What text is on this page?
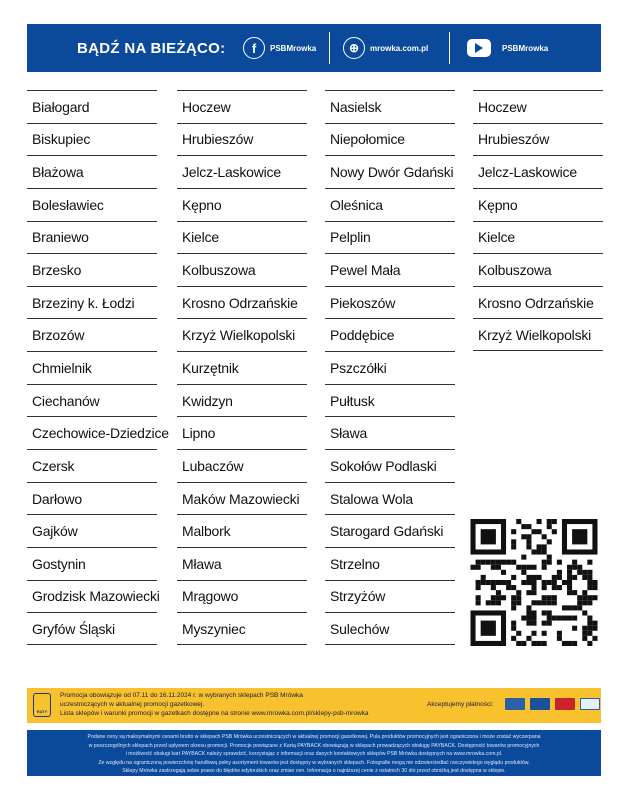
BĄDŹ NA BIEŻĄCO:	f	PSBMrowka	⊕	mrowka.com.pl	PSBMrowka
Białogard
Biskupiec
Błażowa
Bolesławiec
Braniewo
Brzesko
Brzeziny k. Łodzi
Brzozów
Chmielnik
Ciechanów
Czechowice-Dziedzice
Czersk
Darłowo
Gajków
Gostynin
Grodzisk Mazowiecki
Gryfów Śląski
Hoczew
Hrubieszów
Jelcz-Laskowice
Kępno
Kielce
Kolbuszowa
Krosno Odrzańskie
Krzyż Wielkopolski
Kurzętnik
Kwidzyn
Lipno
Lubaczów
Maków Mazowiecki
Malbork
Mława
Mrągowo
Myszyniec
Nasielsk
Niepołomice
Nowy Dwór Gdański
Oleśnica
Pelplin
Pewel Mała
Piekoszów
Poddębice
Pszczółki
Pułtusk
Sława
Sokołów Podlaski
Stalowa Wola
Starogard Gdański
Strzelno
Strzyżów
Sulechów
Hoczew
Hrubieszów
Jelcz-Laskowice
Kępno
Kielce
Kolbuszowa
Krosno Odrzańskie
Krzyż Wielkopolski
RATY
Promocja obowiązuje od 07.11 do 16.11.2024 r. w wybranych sklepach PSB Mrówka
uczestniczących w aktualnej promocji gazetkowej.
Lista sklepów i warunki promocji w gazetkach dostępne na stronie www.mrowka.com.pl/sklepy-psb-mrowka
Akceptujemy płatności:
Podane ceny są maksymalnymi cenami brutto w sklepach PSB Mrówka uczestniczących w aktualnej promocji gazetkowej. Pula produktów promocyjnych jest ograniczona i może zostać wyczerpana
w poszczególnych sklepach przed upływem okresu promocji. Promocje powiązane z Kartą PAYBACK obowiązują w sklepach prowadzących obsługę PAYBACK. Dostępność towarów promocyjnych
i możliwość obsługi kart PAYBACK należy sprawdzić, korzystając z informacji oraz danych kontaktowych sklepów PSB Mrówka dostępnych na www.mrowka.com.pl.
Ze względu na ograniczoną powierzchnię handlową pełny asortyment towarów jest dostępny w wybranych sklepach. Fotografie mogą nie odzwierciedlać rzeczywistego wyglądu produktów.
Sklepy Mrówka zastrzegają sobie prawo do błędów edytorskich oraz zmian cen. Informacja o najniższej cenie z ostatnich 30 dni przed obniżką jest dostępna w sklepie.
